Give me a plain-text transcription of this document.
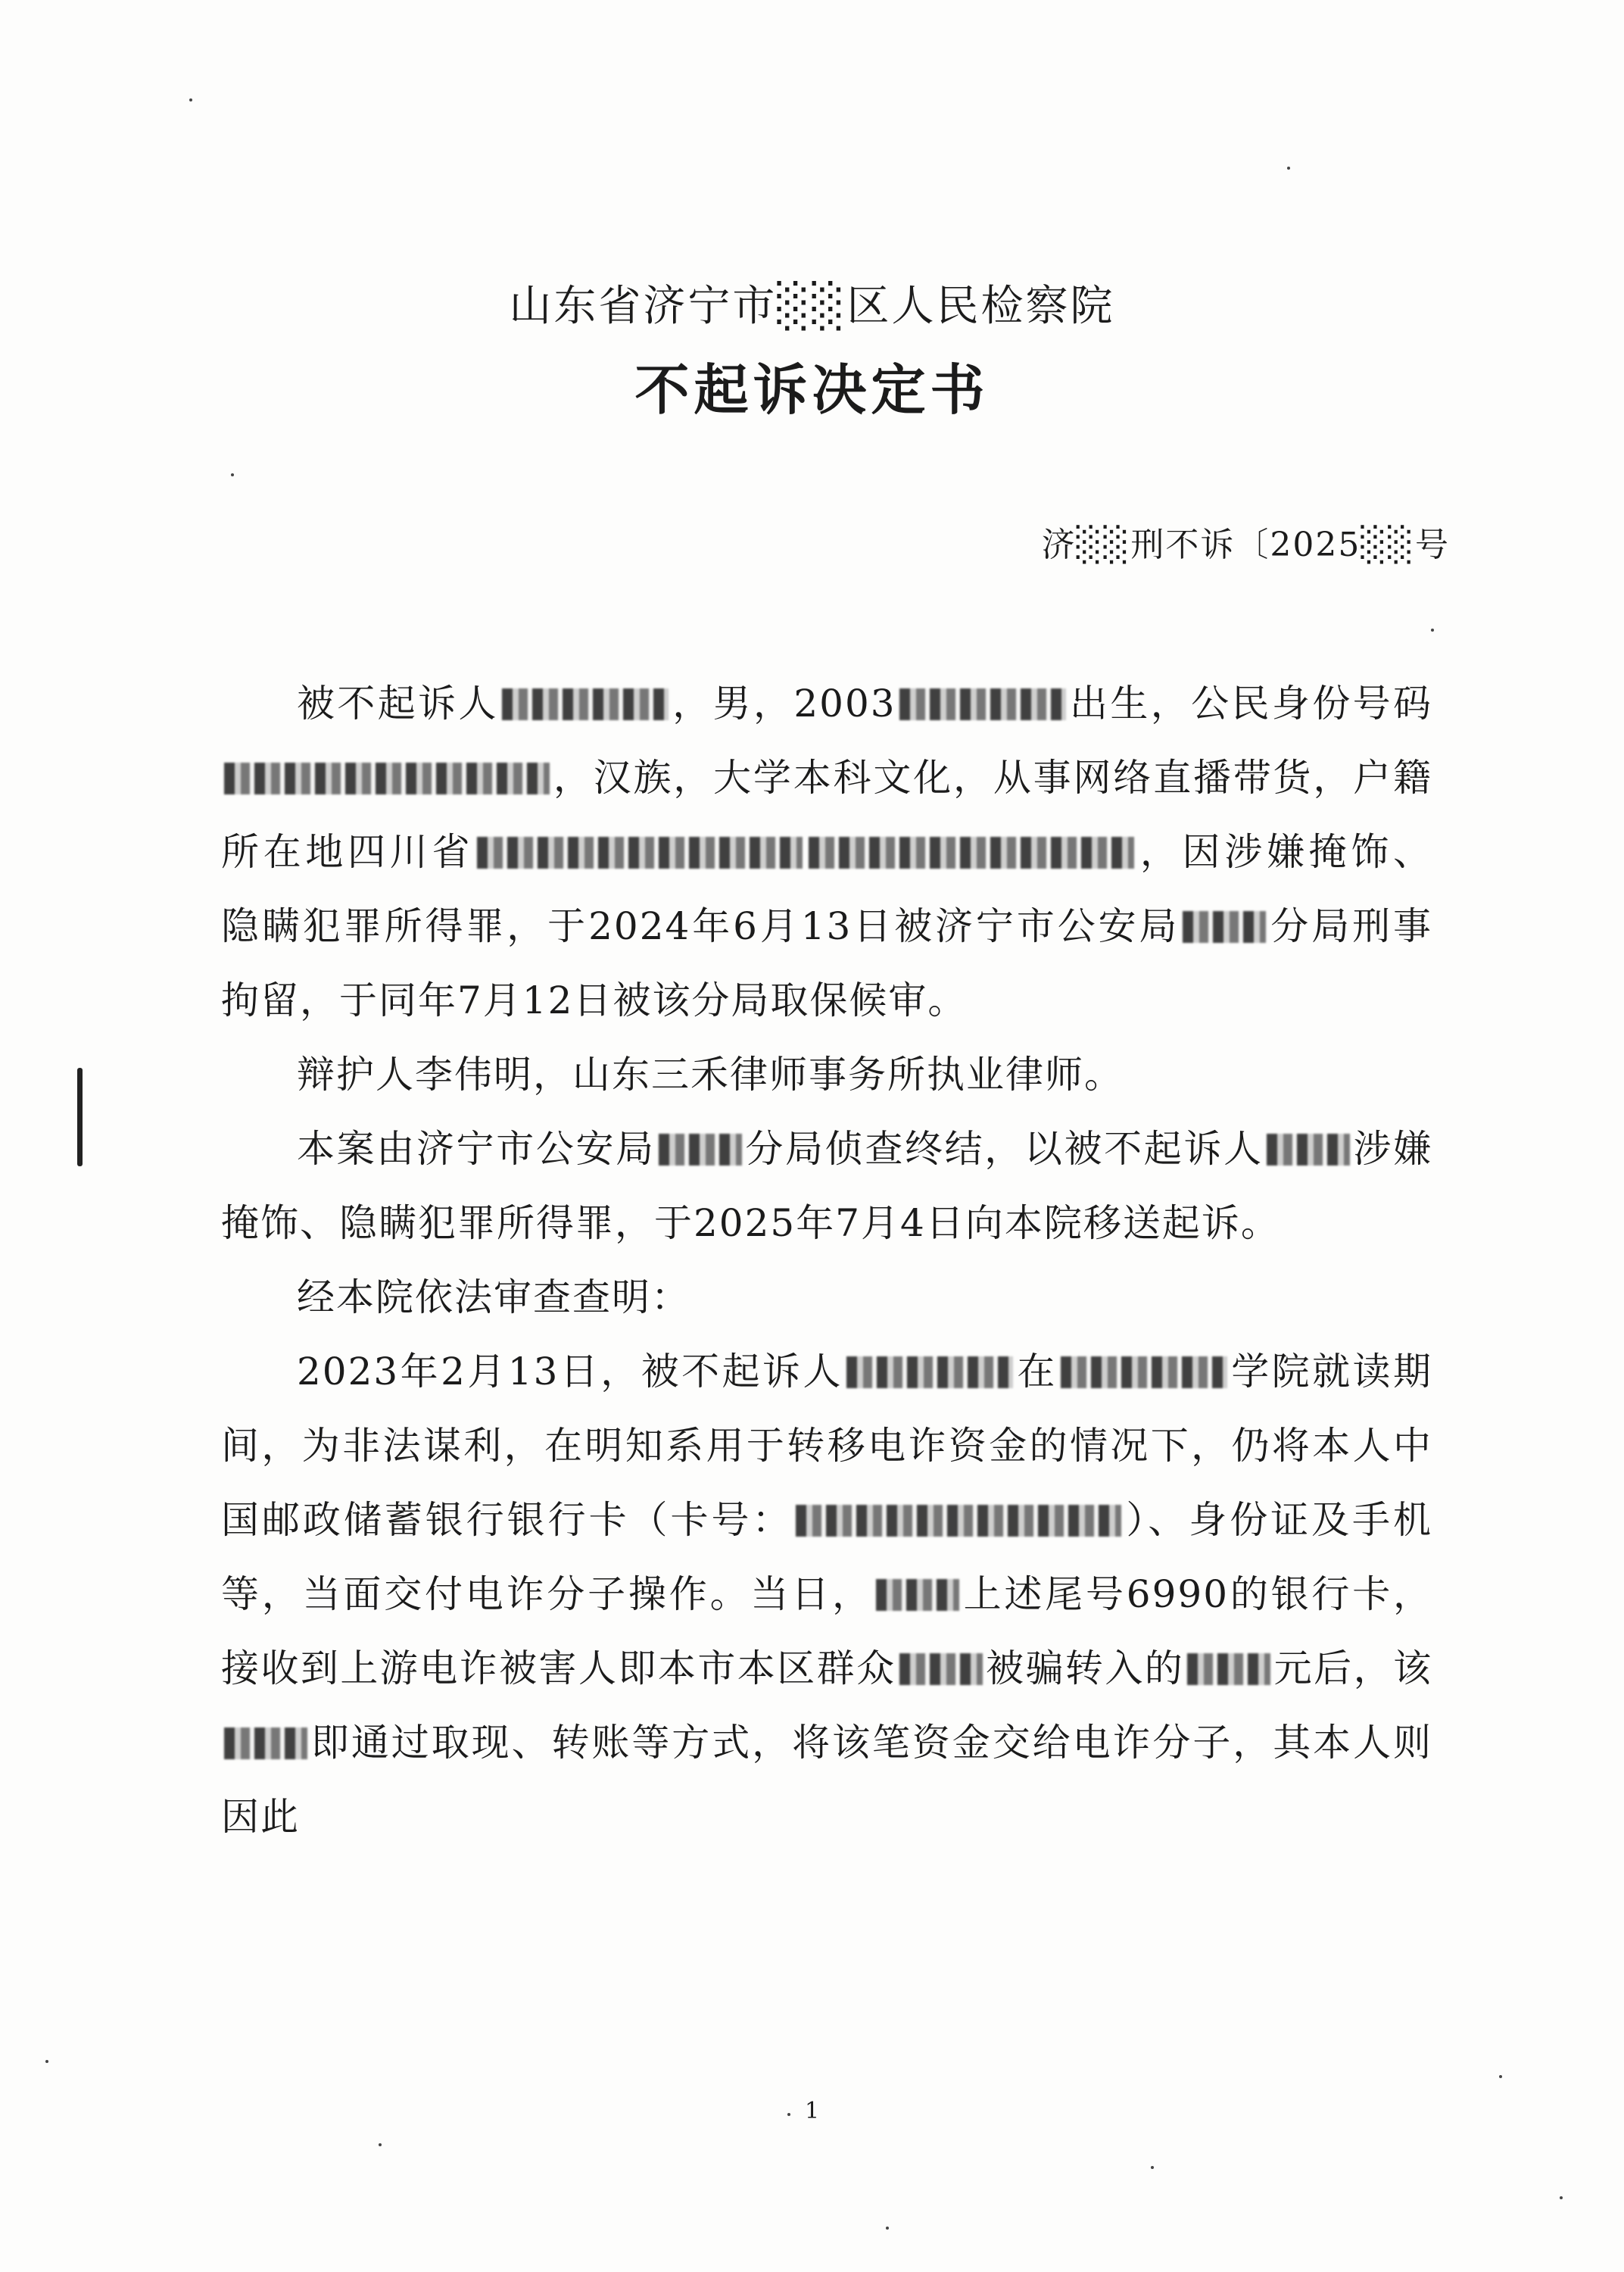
山东省济宁市░░区人民检察院
不起诉决定书
济░░刑不诉〔2025░░号

被不起诉人	，男，2003	出生，公民身份号码，汉族，大学本科文化，从事网络直播带货，户籍所在地四川省	，因涉嫌掩饰、隐瞒犯罪所得罪，于2024年6月13日被济宁市公安局 分局刑事拘留，于同年7月12日被该分局取保候审。

辩护人李伟明，山东三禾律师事务所执业律师。

本案由济宁市公安局 分局侦查终结，以被不起诉人 涉嫌掩饰、隐瞒犯罪所得罪，于2025年7月4日向本院移送起诉。

经本院依法审查查明：

2023年2月13日，被不起诉人	在	学院就读期间，为非法谋利，在明知系用于转移电诈资金的情况下，仍将本人中国邮政储蓄银行银行卡（卡号：	）、身份证及手机等，当面交付电诈分子操作。当日， 上述尾号6990的银行卡，接收到上游电诈被害人即本市本区群众 被骗转入的 元后，该即通过取现、转账等方式，将该笔资金交给电诈分子，其本人则因此

1
